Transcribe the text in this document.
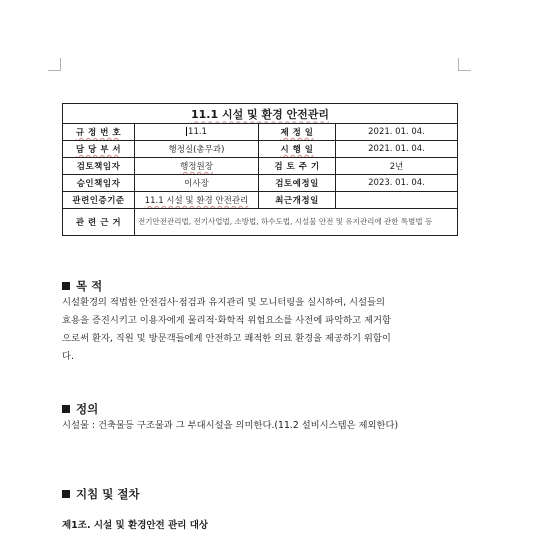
11.1 시설 및 환경 안전관리			
규 정 번 호	11.1	제 정 일	2021. 01. 04.
담 당 부 서	행정실(총무과)	시 행 일	2021. 01. 04.
검토책임자	행정원장	검 토 주 기	2년
승인책임자	이사장	검토예정일	2023. 01. 04.
관련인증기준	11.1 시설 및 환경 안전관리	최근개정일	
관 련 근 거	전기안전관리법, 전기사업법, 소방법, 하수도법, 시설물 안전 및 유지관리에 관한 특별법 등		
목 적
시설환경의 적법한 안전검사·점검과 유지관리 및 모니터링을 실시하여, 시설들의
효용을 증진시키고 이용자에게 물리적·화학적 위험요소를 사전에 파악하고 제거함
으로써 환자, 직원 및 방문객들에게 안전하고 쾌적한 의료 환경을 제공하기 위함이
다.
정의
시설물 : 건축물등 구조물과 그 부대시설을 의미한다.(11.2 설비시스템은 제외한다)
지침 및 절차
제1조. 시설 및 환경안전 관리 대상
